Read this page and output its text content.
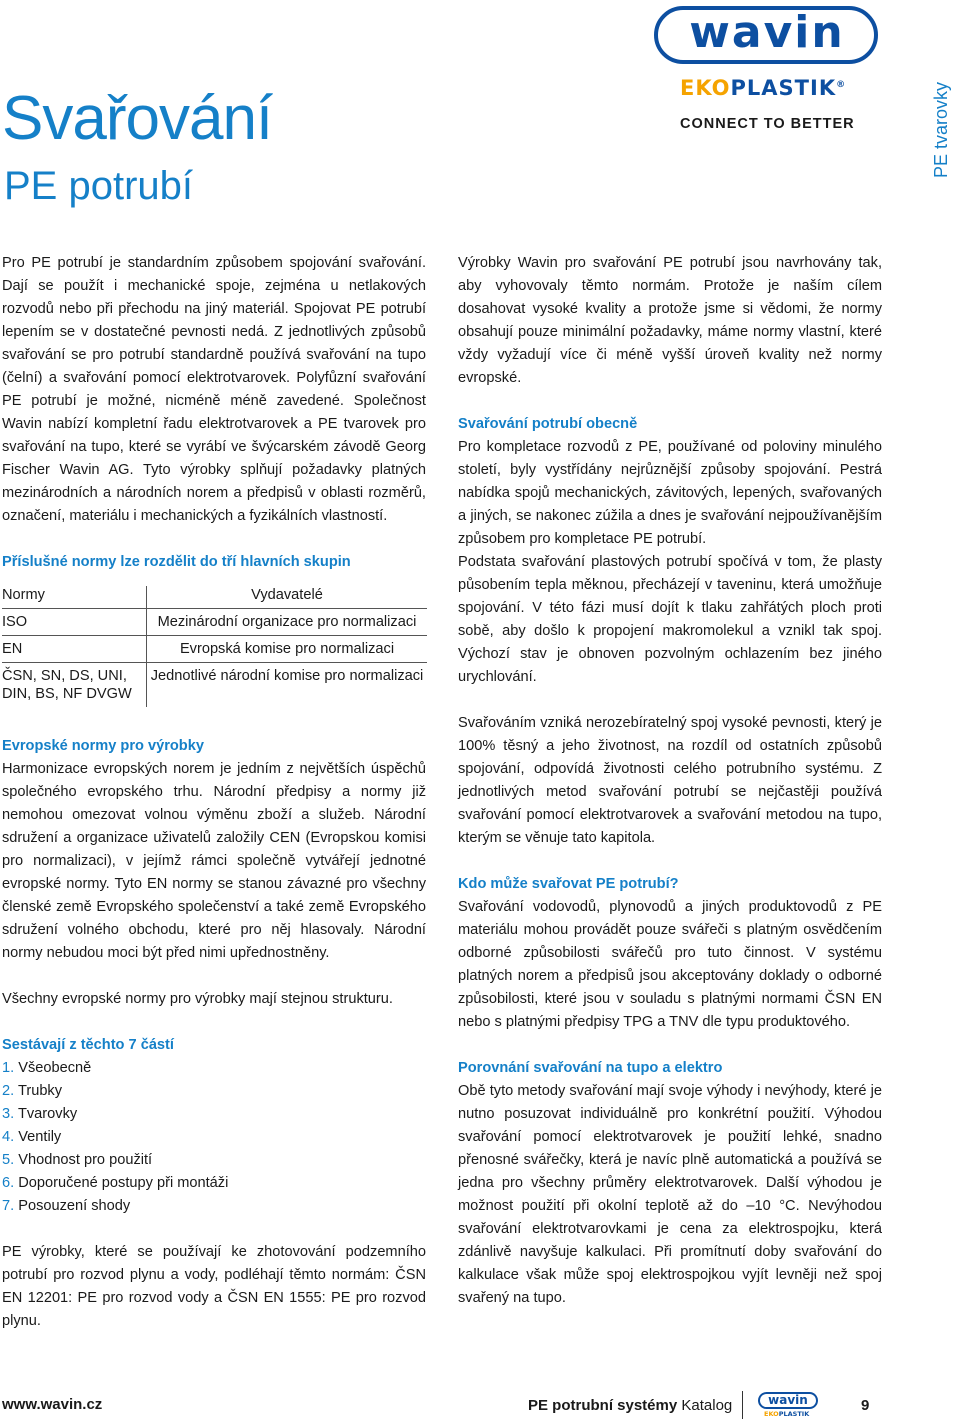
Svařování
PE potrubí
PE tvarovky
wavin
EKOPLASTIK®
CONNECT TO BETTER

Pro PE potrubí je standardním způsobem spojování svařování. Dají se použít i mechanické spoje, zejména u netlakových rozvodů nebo při přechodu na jiný materiál. Spojovat PE potrubí lepením se v dostatečné pevnosti nedá. Z jednotlivých způsobů svařování se pro potrubí standardně používá svařování na tupo (čelní) a svařování pomocí elektrotvarovek. Polyfůzní svařování PE potrubí je možné, nicméně méně zavedené. Společnost Wavin nabízí kompletní řadu elektrotvarovek a PE tvarovek pro svařování na tupo, které se vyrábí ve švýcarském závodě Georg Fischer Wavin AG. Tyto výrobky splňují požadavky platných mezinárodních a národních norem a předpisů v oblasti rozměrů, označení, materiálu i mechanických a fyzikálních vlastností.

Příslušné normy lze rozdělit do tří hlavních skupin
Normy	Vydavatelé
ISO	Mezinárodní organizace pro normalizaci
EN	Evropská komise pro normalizaci
ČSN, SN, DS, UNI, DIN, BS, NF DVGW	Jednotlivé národní komise pro normalizaci
Evropské normy pro výrobky

Harmonizace evropských norem je jedním z největších úspěchů společného evropského trhu. Národní předpisy a normy již nemohou omezovat volnou výměnu zboží a služeb. Národní sdružení a organizace uživatelů založily CEN (Evropskou komisi pro normalizaci), v jejímž rámci společně vytvářejí jednotné evropské normy. Tyto EN normy se stanou závazné pro všechny členské země Evropského společenství a také země Evropského sdružení volného obchodu, které pro něj hlasovaly. Národní normy nebudou moci být před nimi upřednostněny.

Všechny evropské normy pro výrobky mají stejnou strukturu.

Sestávají z těchto 7 částí
1. Všeobecně
2. Trubky
3. Tvarovky
4. Ventily
5. Vhodnost pro použití
6. Doporučené postupy při montáži
7. Posouzení shody

PE výrobky, které se používají ke zhotovování podzemního potrubí pro rozvod plynu a vody, podléhají těmto normám: ČSN EN 12201: PE pro rozvod vody a ČSN EN 1555: PE pro rozvod plynu.

Výrobky Wavin pro svařování PE potrubí jsou navrhovány tak, aby vyhovovaly těmto normám. Protože je naším cílem dosahovat vysoké kvality a protože jsme si vědomi, že normy obsahují pouze minimální požadavky, máme normy vlastní, které vždy vyžadují více či méně vyšší úroveň kvality než normy evropské.

Svařování potrubí obecně

Pro kompletace rozvodů z PE, používané od poloviny minulého století, byly vystřídány nejrůznější způsoby spojování. Pestrá nabídka spojů mechanických, závitových, lepených, svařovaných a jiných, se nakonec zúžila a dnes je svařování nejpoužívanějším způsobem pro kompletace PE potrubí.

Podstata svařování plastových potrubí spočívá v tom, že plasty působením tepla měknou, přecházejí v taveninu, která umožňuje spojování. V této fázi musí dojít k tlaku zahřátých ploch proti sobě, aby došlo k propojení makromolekul a vznikl tak spoj. Výchozí stav je obnoven pozvolným ochlazením bez jiného urychlování.

Svařováním vzniká nerozebíratelný spoj vysoké pevnosti, který je 100% těsný a jeho životnost, na rozdíl od ostatních způsobů spojování, odpovídá životnosti celého potrubního systému. Z jednotlivých metod svařování potrubí se nejčastěji používá svařování pomocí elektrotvarovek a svařování metodou na tupo, kterým se věnuje tato kapitola.

Kdo může svařovat PE potrubí?

Svařování vodovodů, plynovodů a jiných produktovodů z PE materiálu mohou provádět pouze svářeči s platným osvědčením odborné způsobilosti svářečů pro tuto činnost. V systému platných norem a předpisů jsou akceptovány doklady o odborné způsobilosti, které jsou v souladu s platnými normami ČSN EN nebo s platnými předpisy TPG a TNV dle typu produktového.

Porovnání svařování na tupo a elektro

Obě tyto metody svařování mají svoje výhody i nevýhody, které je nutno posuzovat individuálně pro konkrétní použití. Výhodou svařování pomocí elektrotvarovek je použití lehké, snadno přenosné svářečky, která je navíc plně automatická a používá se jedna pro všechny průměry elektrotvarovek. Další výhodou je možnost použití při okolní teplotě až do –10 °C. Nevýhodou svařování elektrotvarovkami je cena za elektrospojku, která zdánlivě navyšuje kalkulaci. Při promítnutí doby svařování do kalkulace však může spoj elektrospojkou vyjít levněji než spoj svařený na tupo.

www.wavin.cz	PE potrubní systémy Katalog	wavin
EKOPLASTIK	9
